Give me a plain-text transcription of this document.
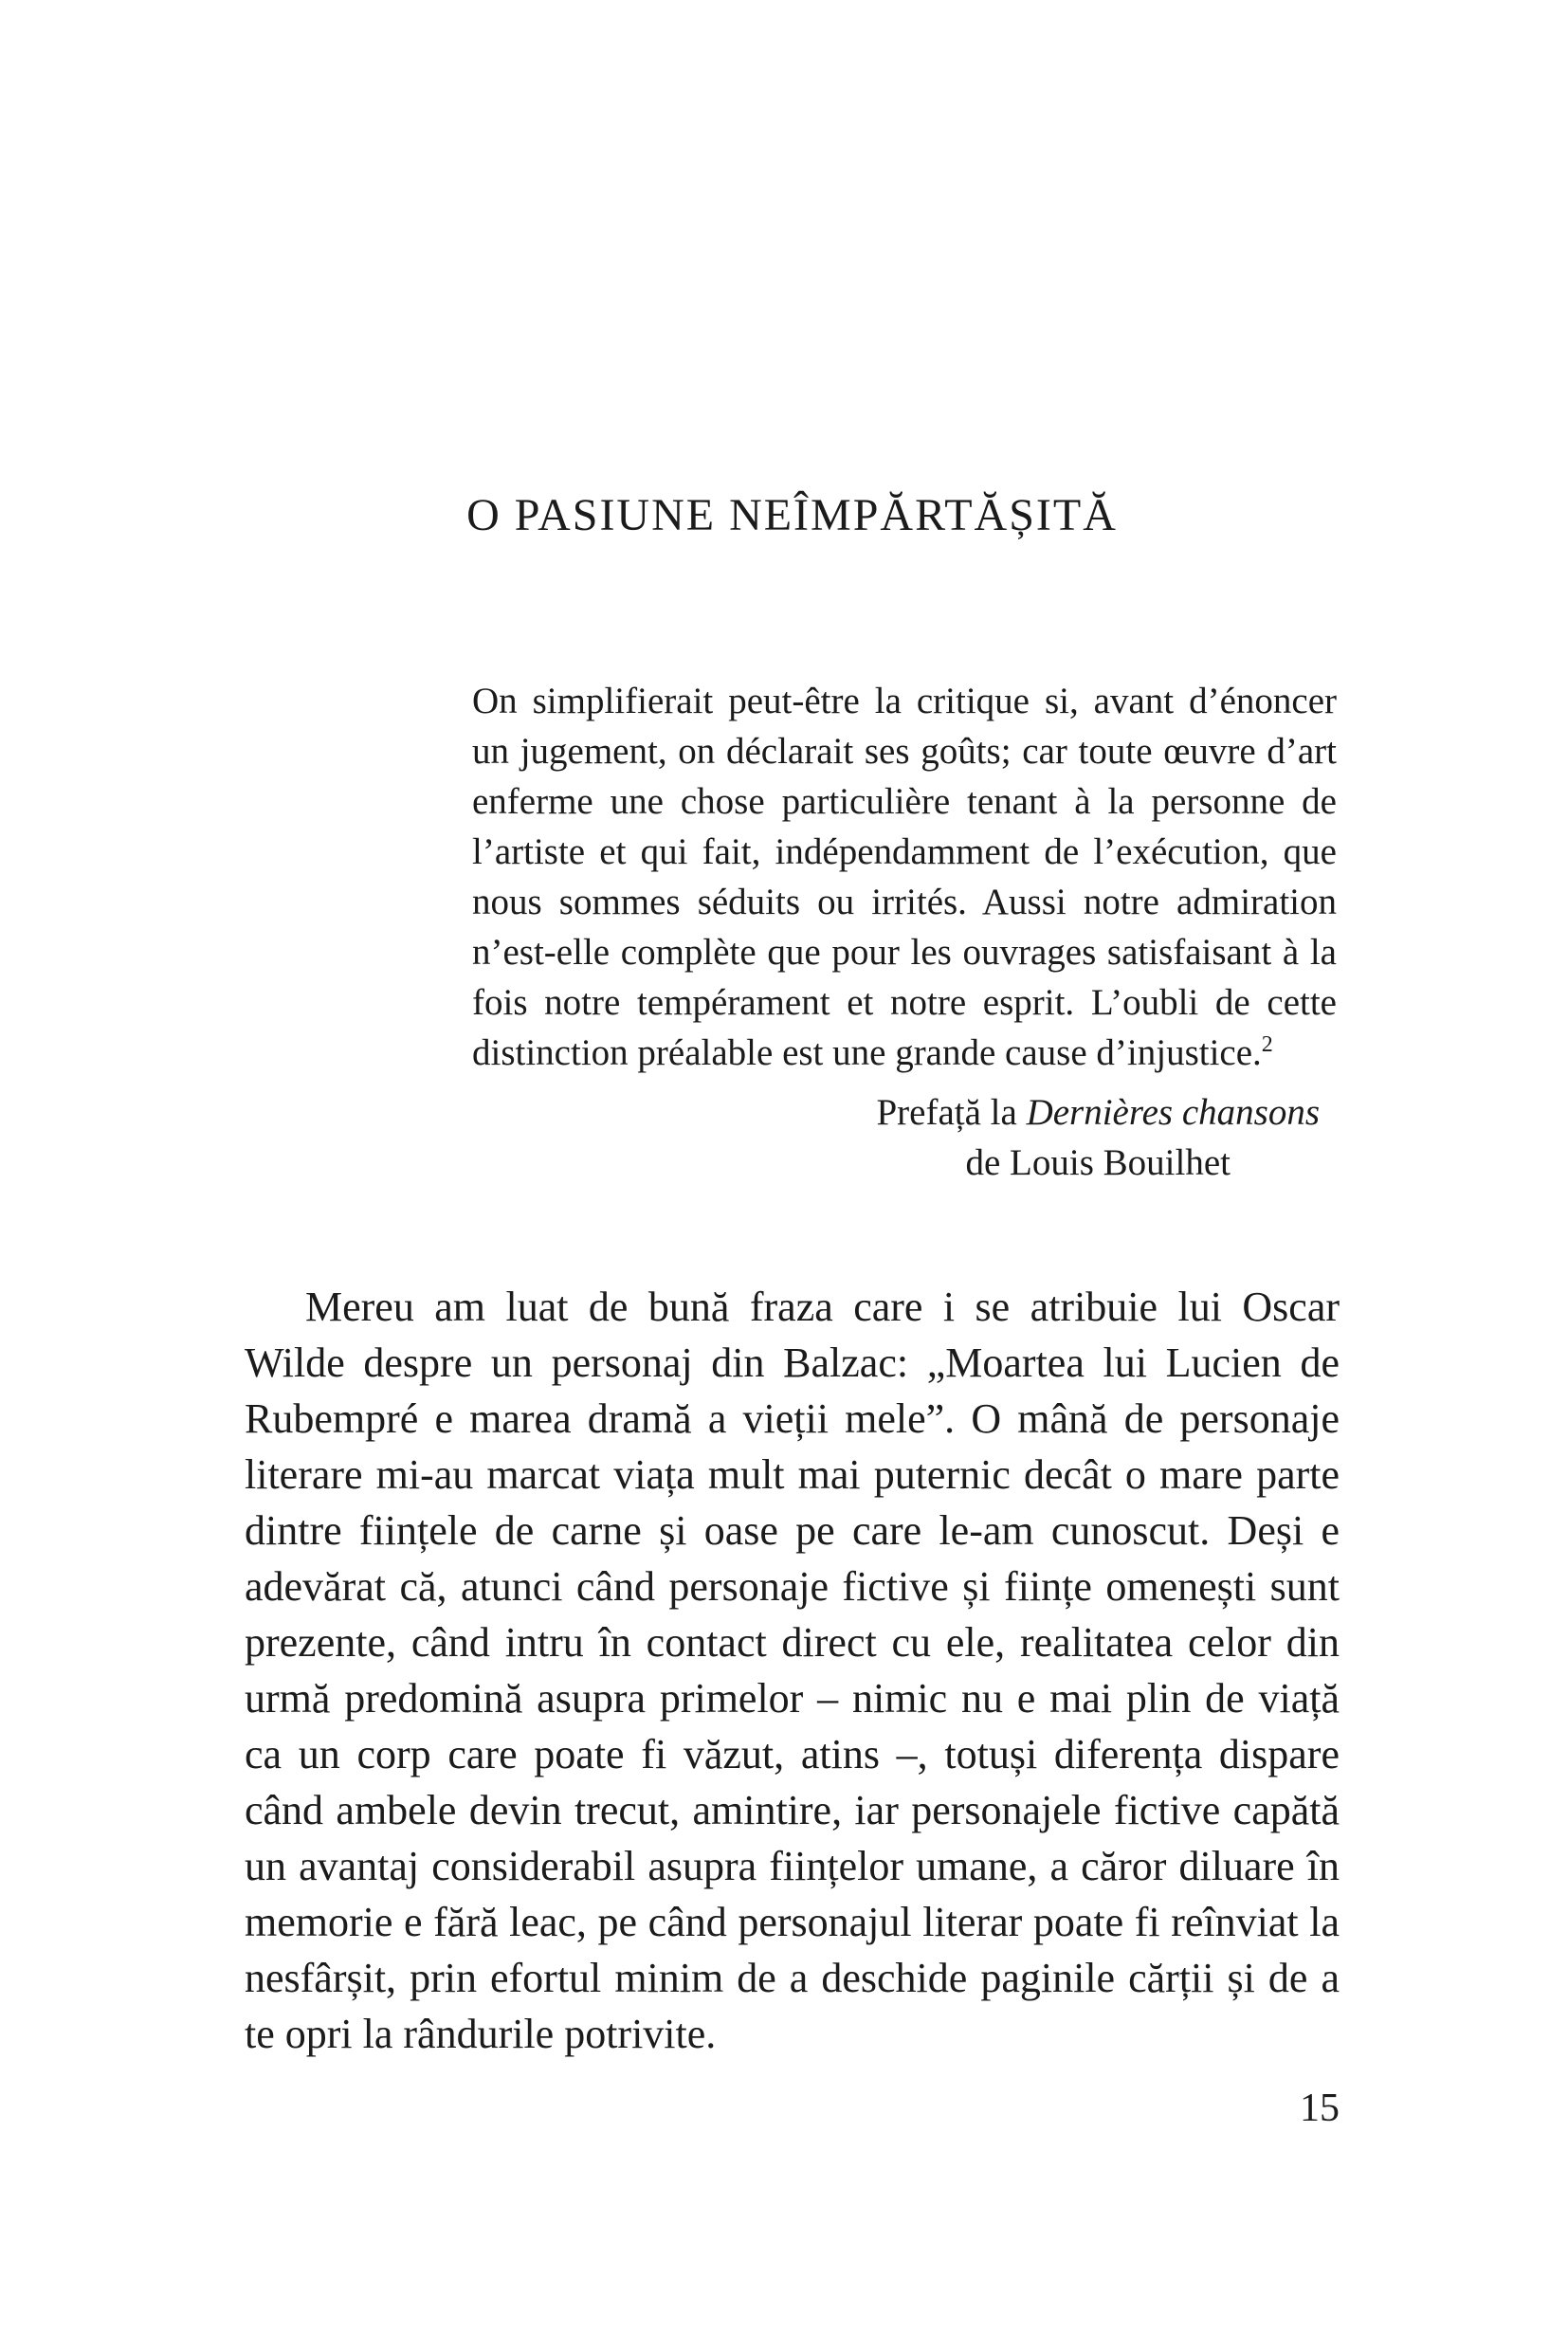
O PASIUNE NEÎMPĂRTĂȘITĂ

On simplifierait peut-être la critique si, avant d’énoncer un jugement, on déclarait ses goûts; car toute œuvre d’art enferme une chose particulière tenant à la personne de l’artiste et qui fait, indépendamment de l’exécution, que nous sommes séduits ou irrités. Aussi notre admiration n’est-elle complète que pour les ouvrages satisfaisant à la fois notre tempérament et notre esprit. L’oubli de cette distinction préalable est une grande cause d’injustice.$^2$

Prefață la Dernières chansons
de Louis Bouilhet

Mereu am luat de bună fraza care i se atribuie lui Oscar Wilde despre un personaj din Balzac: „Moartea lui Lucien de Rubempré e marea dramă a vieții mele”. O mână de personaje literare mi-au marcat viața mult mai puternic decât o mare parte dintre ființele de carne și oase pe care le-am cunoscut. Deși e adevărat că, atunci când personaje fictive și ființe omenești sunt prezente, când intru în contact direct cu ele, realitatea celor din urmă predomină asupra primelor – nimic nu e mai plin de viață ca un corp care poate fi văzut, atins –, totuși diferența dispare când ambele devin trecut, amintire, iar personajele fictive capătă un avantaj considerabil asupra ființelor umane, a căror diluare în memorie e fără leac, pe când personajul literar poate fi reînviat la nesfârșit, prin efortul minim de a deschide paginile cărții și de a te opri la rândurile potrivite.

15
